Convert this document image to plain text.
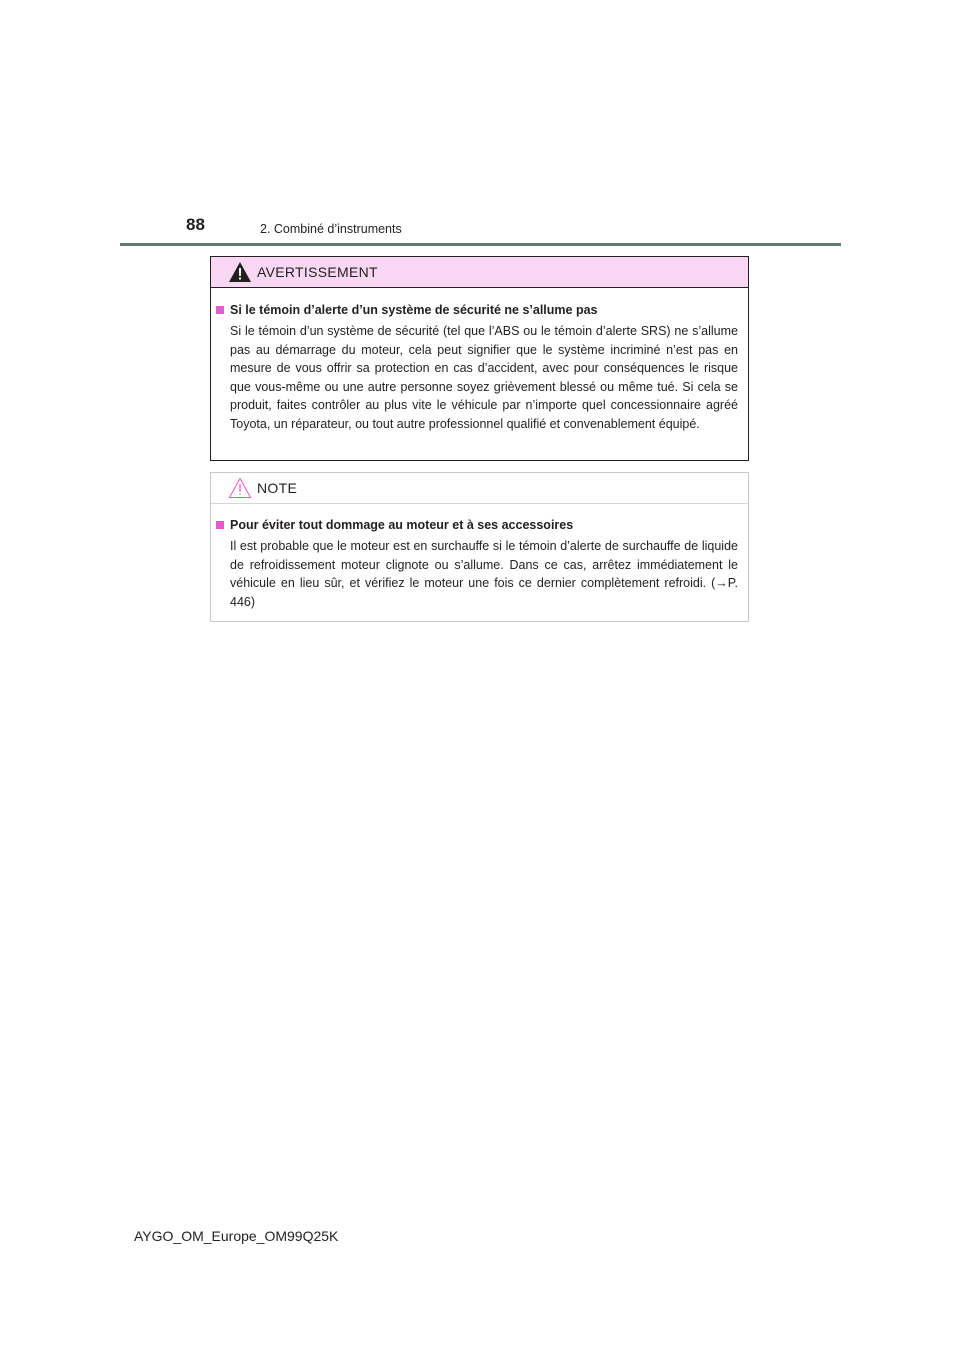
88	2. Combiné d’instruments
AVERTISSEMENT
Si le témoin d’alerte d’un système de sécurité ne s’allume pas
Si le témoin d’un système de sécurité (tel que l’ABS ou le témoin d’alerte SRS) ne s’allume pas au démarrage du moteur, cela peut signifier que le système incriminé n’est pas en mesure de vous offrir sa protection en cas d’accident, avec pour conséquences le risque que vous-même ou une autre personne soyez grièvement blessé ou même tué. Si cela se produit, faites contrôler au plus vite le véhicule par n’importe quel concessionnaire agréé Toyota, un réparateur, ou tout autre professionnel qualifié et convenablement équipé.
NOTE
Pour éviter tout dommage au moteur et à ses accessoires
Il est probable que le moteur est en surchauffe si le témoin d’alerte de surchauffe de liquide de refroidissement moteur clignote ou s’allume. Dans ce cas, arrêtez immédiatement le véhicule en lieu sûr, et vérifiez le moteur une fois ce dernier complètement refroidi. (→P. 446)
AYGO_OM_Europe_OM99Q25K
